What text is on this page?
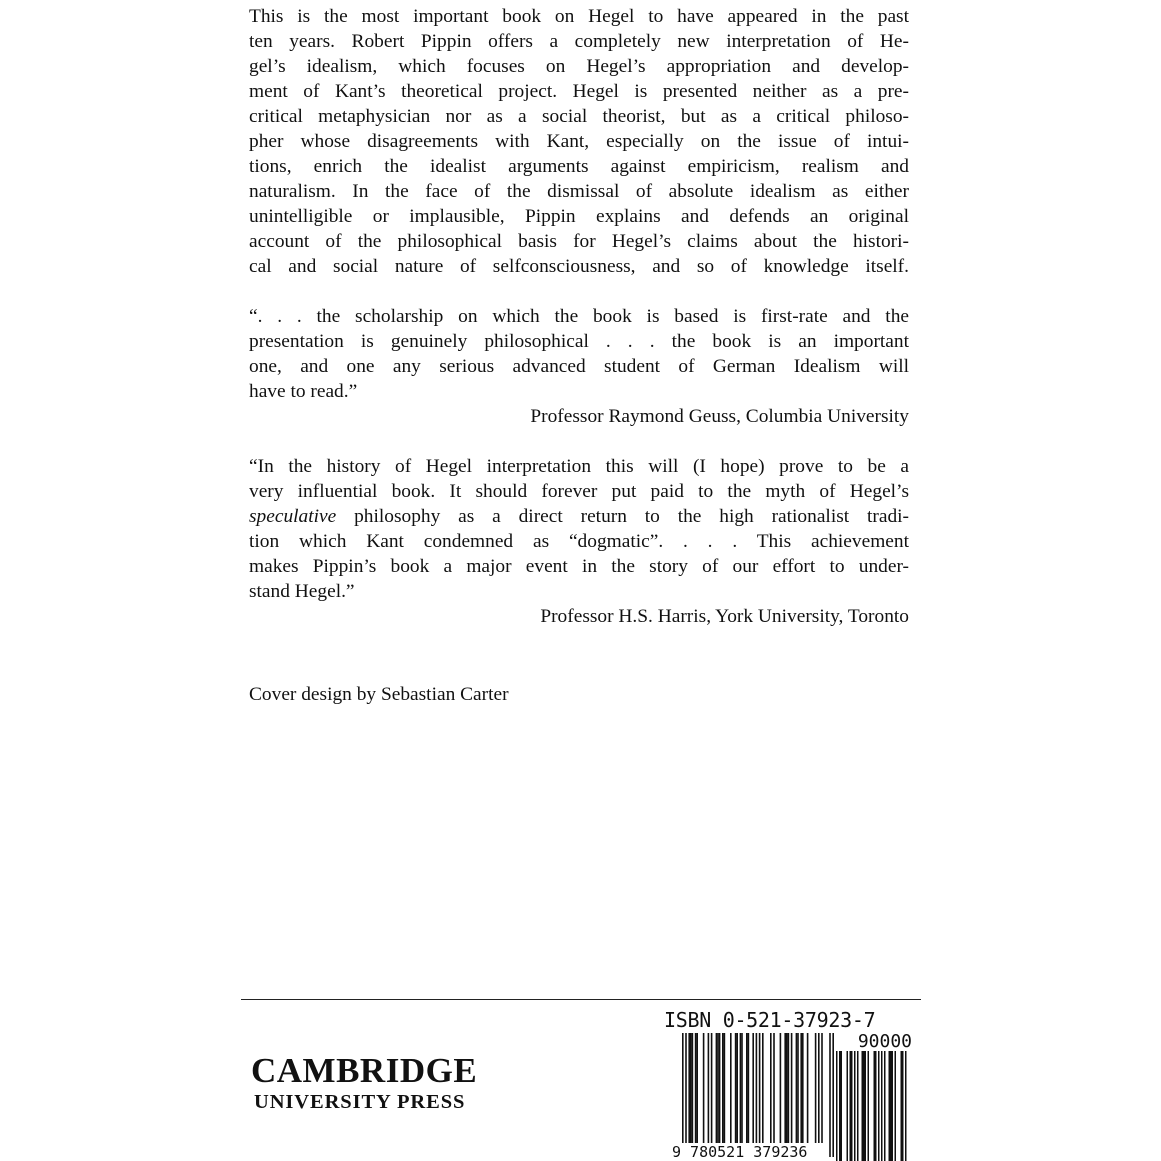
This is the most important book on Hegel to have appeared in the past
ten years. Robert Pippin offers a completely new interpretation of He-
gel’s idealism, which focuses on Hegel’s appropriation and develop-
ment of Kant’s theoretical project. Hegel is presented neither as a pre-
critical metaphysician nor as a social theorist, but as a critical philoso-
pher whose disagreements with Kant, especially on the issue of intui-
tions, enrich the idealist arguments against empiricism, realism and
naturalism. In the face of the dismissal of absolute idealism as either
unintelligible or implausible, Pippin explains and defends an original
account of the philosophical basis for Hegel’s claims about the histori-
cal and social nature of selfconsciousness, and so of knowledge itself.
“. . . the scholarship on which the book is based is first-rate and the
presentation is genuinely philosophical . . . the book is an important
one, and one any serious advanced student of German Idealism will
have to read.”
Professor Raymond Geuss, Columbia University
“In the history of Hegel interpretation this will (I hope) prove to be a
very influential book. It should forever put paid to the myth of Hegel’s
speculative philosophy as a direct return to the high rationalist tradi-
tion which Kant condemned as “dogmatic”. . . . This achievement
makes Pippin’s book a major event in the story of our effort to under-
stand Hegel.”
Professor H.S. Harris, York University, Toronto
Cover design by Sebastian Carter
CAMBRIDGE
UNIVERSITY PRESS
ISBN 0-521-37923-7
90000
9 780521 379236
